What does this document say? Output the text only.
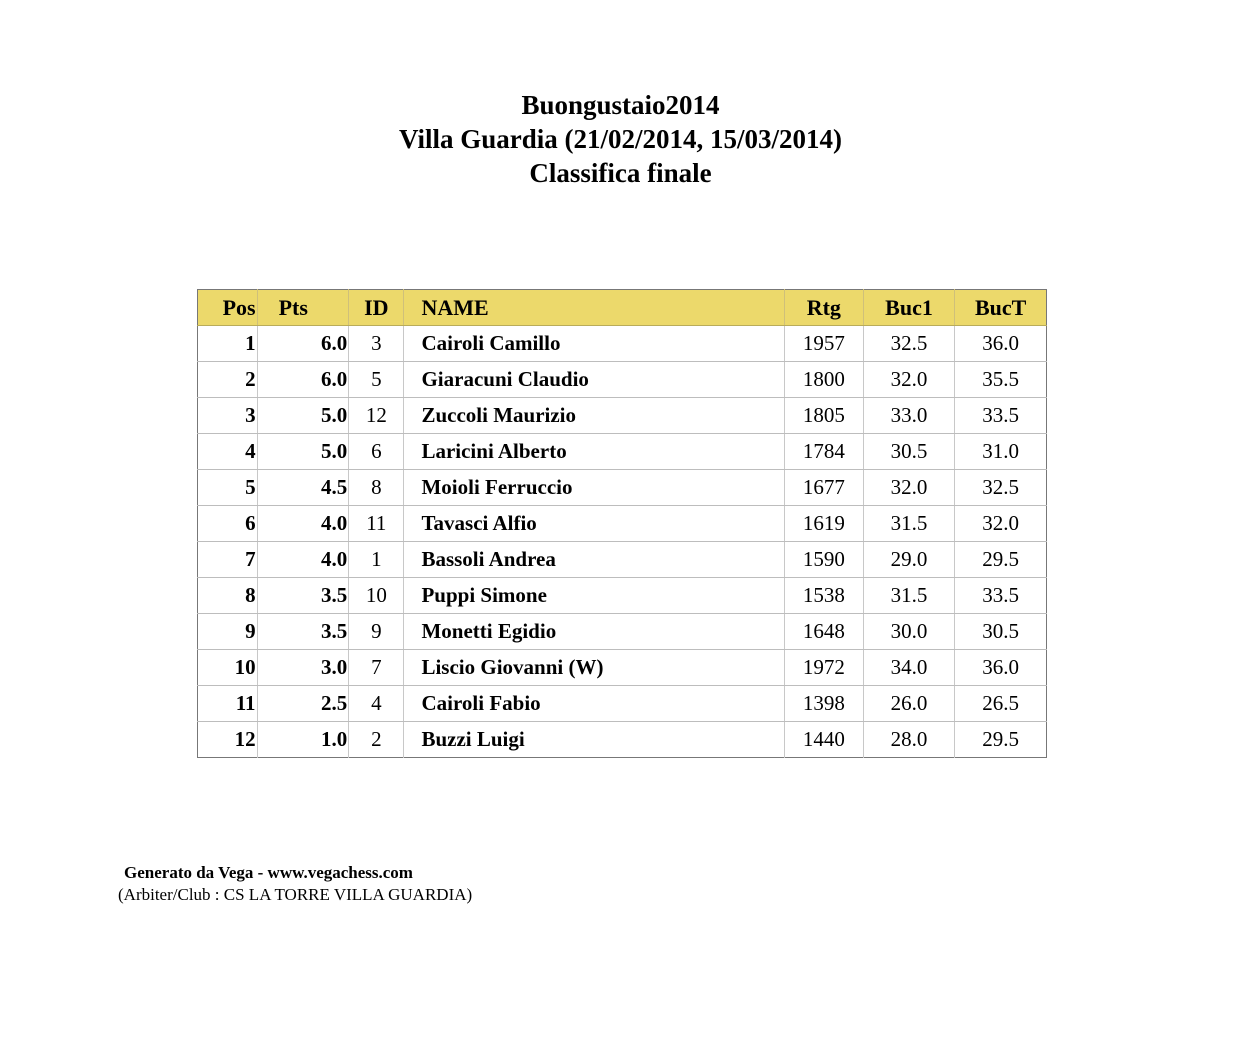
Buongustaio2014
Villa Guardia (21/02/2014, 15/03/2014)
Classifica finale
Pos	Pts	ID	NAME	Rtg	Buc1	BucT
1	6.0	3	Cairoli Camillo	1957	32.5	36.0
2	6.0	5	Giaracuni Claudio	1800	32.0	35.5
3	5.0	12	Zuccoli Maurizio	1805	33.0	33.5
4	5.0	6	Laricini Alberto	1784	30.5	31.0
5	4.5	8	Moioli Ferruccio	1677	32.0	32.5
6	4.0	11	Tavasci Alfio	1619	31.5	32.0
7	4.0	1	Bassoli Andrea	1590	29.0	29.5
8	3.5	10	Puppi Simone	1538	31.5	33.5
9	3.5	9	Monetti Egidio	1648	30.0	30.5
10	3.0	7	Liscio Giovanni (W)	1972	34.0	36.0
11	2.5	4	Cairoli Fabio	1398	26.0	26.5
12	1.0	2	Buzzi Luigi	1440	28.0	29.5
Generato da Vega - www.vegachess.com
(Arbiter/Club : CS LA TORRE VILLA GUARDIA)
